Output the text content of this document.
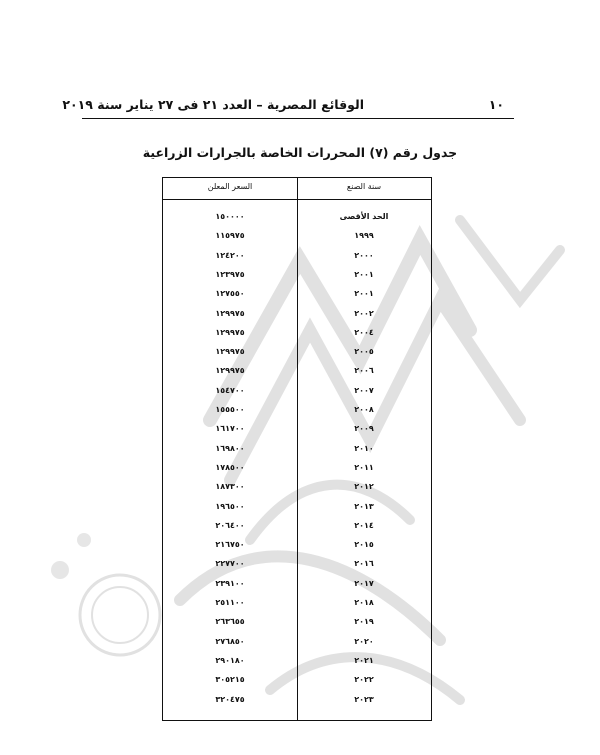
١٠
الوقائع المصرية – العدد ٢١ فى ٢٧ يناير سنة ٢٠١٩
جدول رقم (٧) المحررات الخاصة بالجرارات الزراعية
سنة الصنع
السعر المعلن
الحد الأقصى
١٥٠٠٠٠
١٩٩٩
١١٥٩٧٥
٢٠٠٠
١٢٤٢٠٠
٢٠٠١
١٢٣٩٧٥
٢٠٠١
١٢٧٥٥٠
٢٠٠٢
١٢٩٩٧٥
٢٠٠٤
١٢٩٩٧٥
٢٠٠٥
١٢٩٩٧٥
٢٠٠٦
١٢٩٩٧٥
٢٠٠٧
١٥٤٧٠٠
٢٠٠٨
١٥٥٥٠٠
٢٠٠٩
١٦١٧٠٠
٢٠١٠
١٦٩٨٠٠
٢٠١١
١٧٨٥٠٠
٢٠١٢
١٨٧٣٠٠
٢٠١٣
١٩٦٥٠٠
٢٠١٤
٢٠٦٤٠٠
٢٠١٥
٢١٦٧٥٠
٢٠١٦
٢٢٧٧٠٠
٢٠١٧
٢٣٩١٠٠
٢٠١٨
٢٥١١٠٠
٢٠١٩
٢٦٣٦٥٥
٢٠٢٠
٢٧٦٨٥٠
٢٠٢١
٢٩٠١٨٠
٢٠٢٢
٣٠٥٢١٥
٢٠٢٣
٣٢٠٤٧٥
